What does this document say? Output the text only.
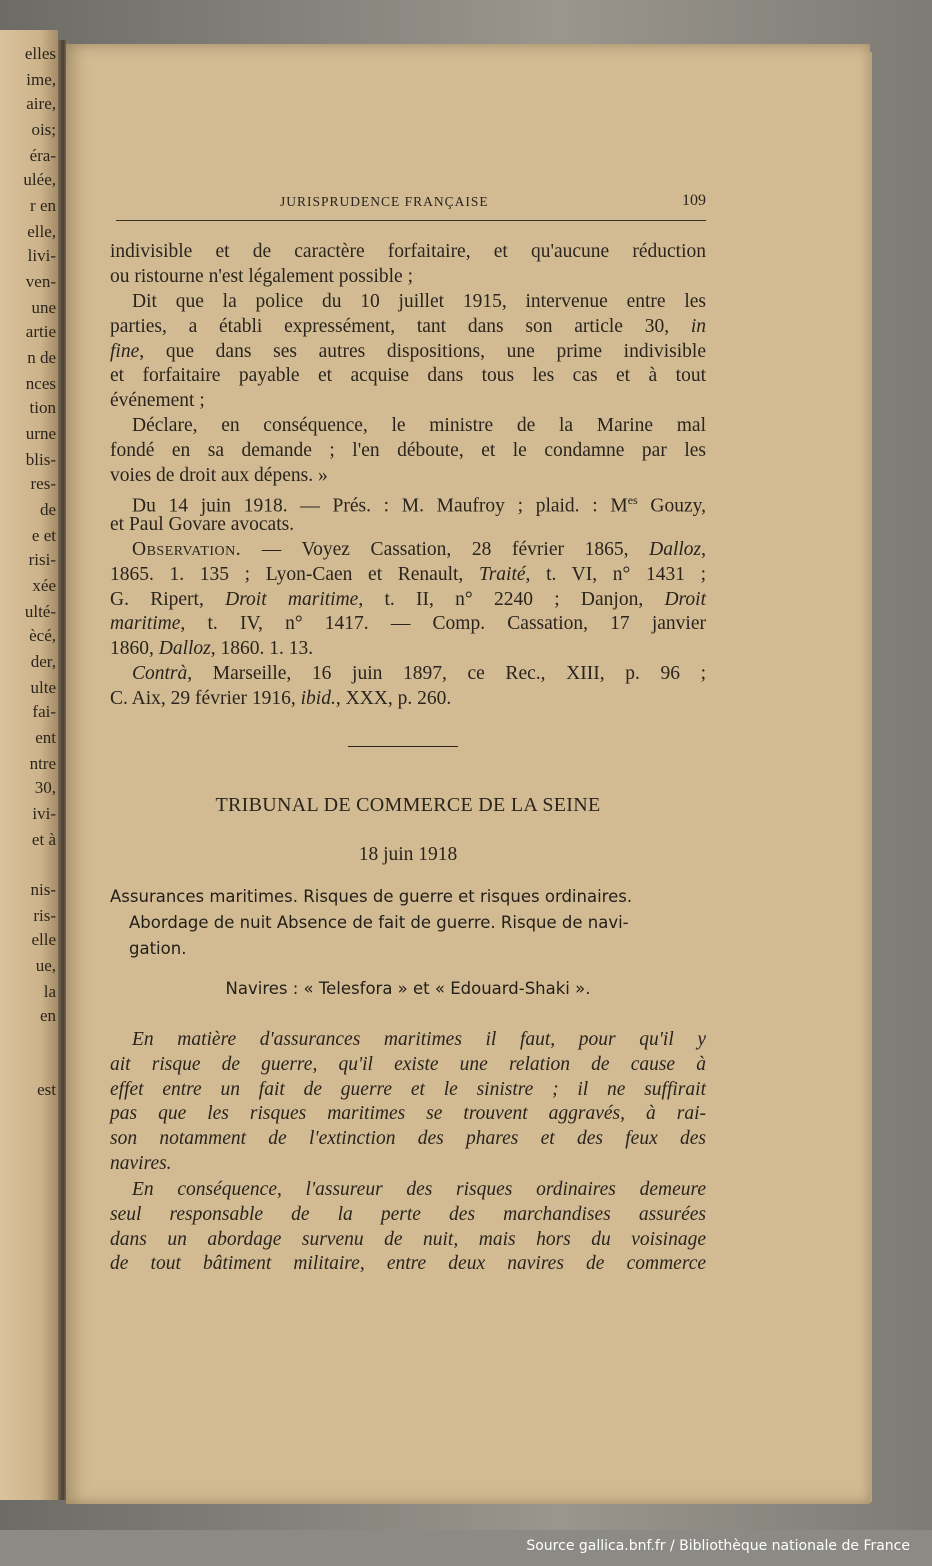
elles
ime,
aire,
ois;
éra-
ulée,
r en
elle,
livi-
ven-
une
artie
n de
nces
tion
urne
blis-
res-
de
e et
risi-
xée
ulté-
ècé,
der,
ulte
fai-
ent
ntre
30,
ivi-
et à
nis-
ris-
elle
ue,
la
en
est
JURISPRUDENCE FRANÇAISE	109
indivisible et de caractère forfaitaire, et qu'aucune réduction
ou ristourne n'est légalement possible ;
Dit que la police du 10 juillet 1915, intervenue entre les
parties, a établi expressément, tant dans son article 30, in
fine, que dans ses autres dispositions, une prime indivisible
et forfaitaire payable et acquise dans tous les cas et à tout
événement ;
Déclare, en conséquence, le ministre de la Marine mal
fondé en sa demande ; l'en déboute, et le condamne par les
voies de droit aux dépens. »
Du 14 juin 1918. — Prés. : M. Maufroy ; plaid. : $M^{es}$ Gouzy,
et Paul Govare avocats.
Observation. — Voyez Cassation, 28 février 1865, Dalloz,
1865. 1. 135 ; Lyon-Caen et Renault, Traité, t. VI, n° 1431 ;
G. Ripert, Droit maritime, t. II, n° 2240 ; Danjon, Droit
maritime, t. IV, n° 1417. — Comp. Cassation, 17 janvier
1860, Dalloz, 1860. 1. 13.
Contrà, Marseille, 16 juin 1897, ce Rec., XIII, p. 96 ;
C. Aix, 29 février 1916, ibid., XXX, p. 260.
TRIBUNAL DE COMMERCE DE LA SEINE
18 juin 1918
Assurances maritimes. Risques de guerre et risques ordinaires.
Abordage de nuit Absence de fait de guerre. Risque de navi-
gation.
Navires : « Telesfora » et « Edouard-Shaki ».
En matière d'assurances maritimes il faut, pour qu'il y
ait risque de guerre, qu'il existe une relation de cause à
effet entre un fait de guerre et le sinistre ; il ne suffirait
pas que les risques maritimes se trouvent aggravés, à rai-
son notamment de l'extinction des phares et des feux des
navires.
En conséquence, l'assureur des risques ordinaires demeure
seul responsable de la perte des marchandises assurées
dans un abordage survenu de nuit, mais hors du voisinage
de tout bâtiment militaire, entre deux navires de commerce
Source gallica.bnf.fr / Bibliothèque nationale de France
